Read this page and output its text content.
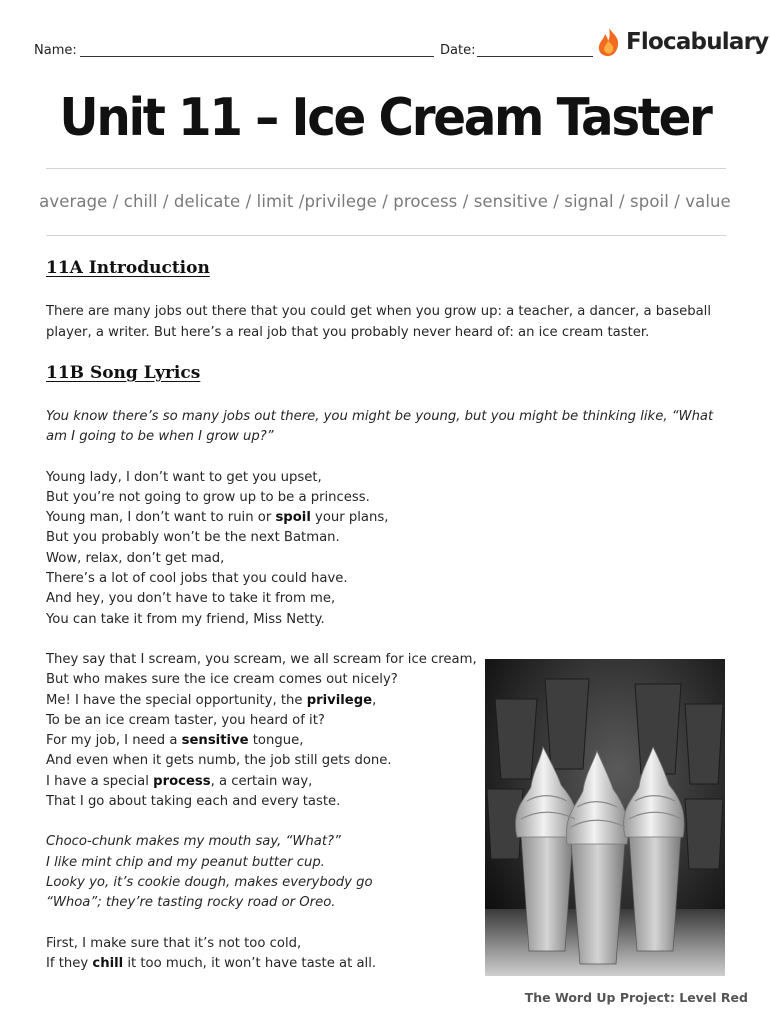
Name:	Date:	Flocabulary
Unit 11 – Ice Cream Taster
average / chill / delicate / limit /privilege / process / sensitive / signal / spoil / value
11A Introduction
There are many jobs out there that you could get when you grow up: a teacher, a dancer, a baseball player, a writer. But here’s a real job that you probably never heard of: an ice cream taster.
11B Song Lyrics
You know there’s so many jobs out there, you might be young, but you might be thinking like, “What
am I going to be when I grow up?”
Young lady, I don’t want to get you upset,
But you’re not going to grow up to be a princess.
Young man, I don’t want to ruin or spoil your plans,
But you probably won’t be the next Batman.
Wow, relax, don’t get mad,
There’s a lot of cool jobs that you could have.
And hey, you don’t have to take it from me,
You can take it from my friend, Miss Netty.
They say that I scream, you scream, we all scream for ice cream,
But who makes sure the ice cream comes out nicely?
Me! I have the special opportunity, the privilege,
To be an ice cream taster, you heard of it?
For my job, I need a sensitive tongue,
And even when it gets numb, the job still gets done.
I have a special process, a certain way,
That I go about taking each and every taste.
Choco-chunk makes my mouth say, “What?”
I like mint chip and my peanut butter cup.
Looky yo, it’s cookie dough, makes everybody go
“Whoa”; they’re tasting rocky road or Oreo.
First, I make sure that it’s not too cold,
If they chill it too much, it won’t have taste at all.
The Word Up Project: Level Red
